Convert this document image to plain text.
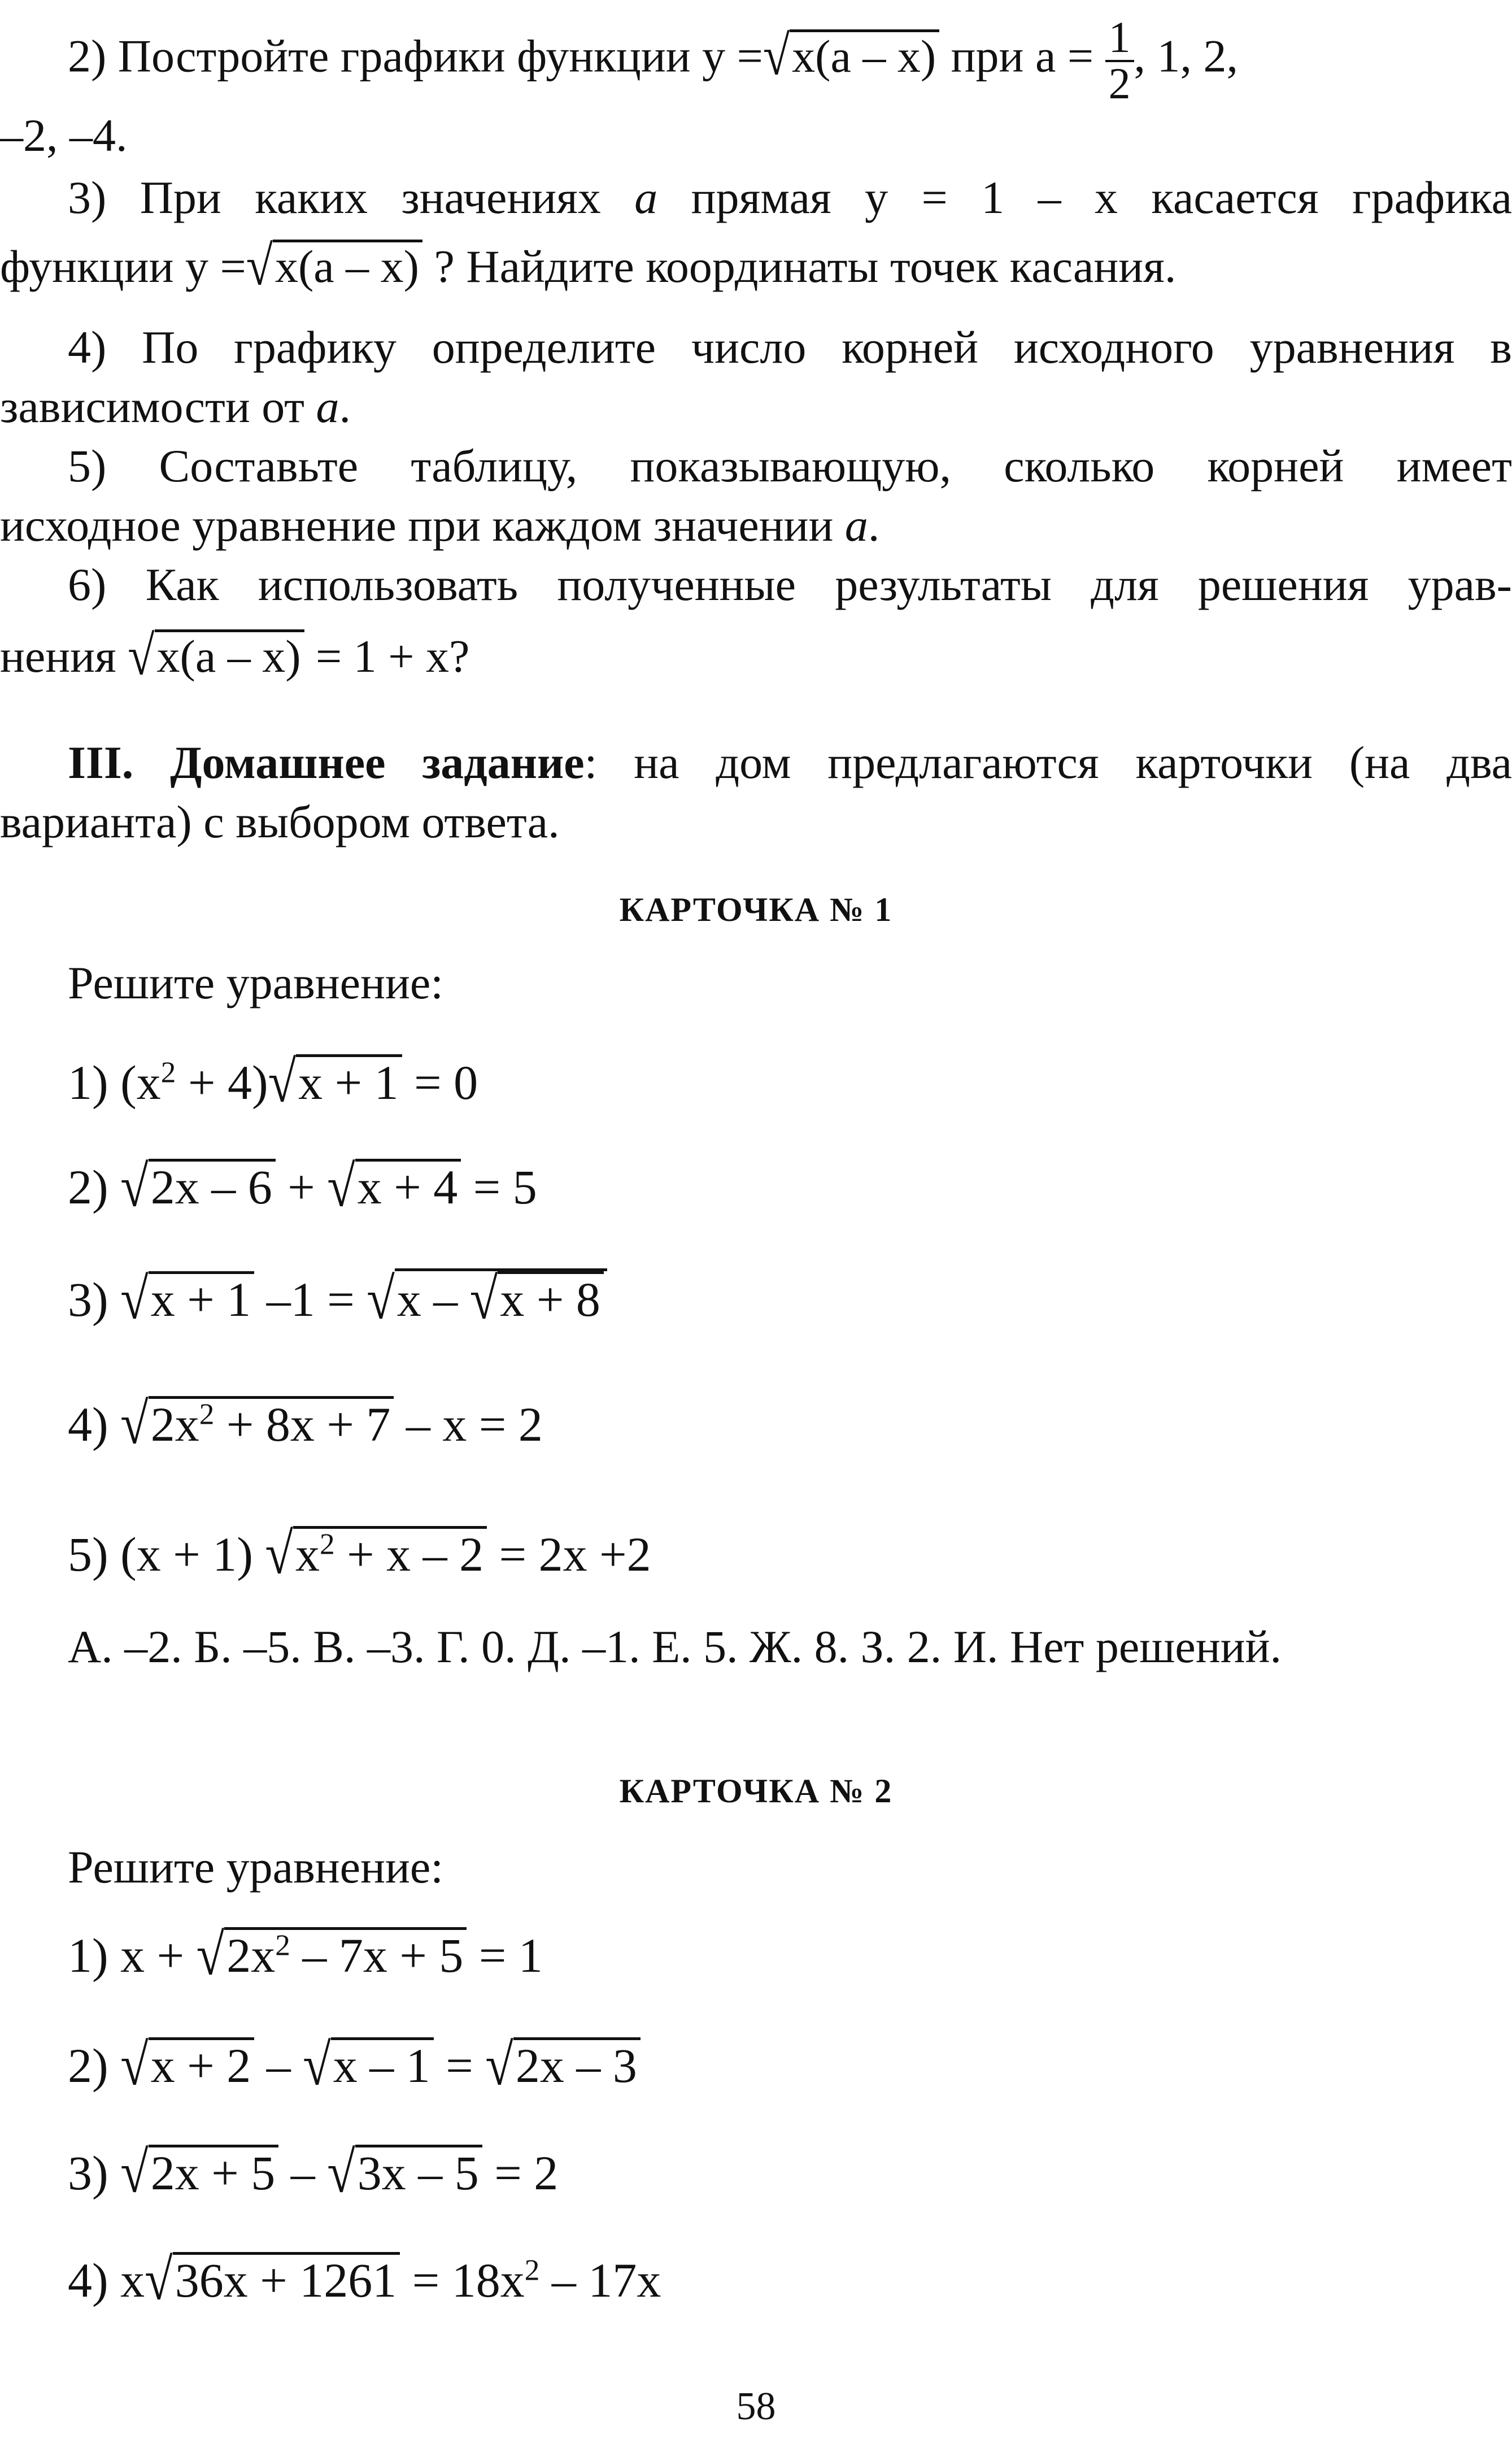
2) Постройте графики функции у =√х(а – х) при $а = \frac{1}{2}$ , 1, 2,
–2, –4.
3) При каких значениях a прямая у = 1 – х касается графика
функции у =√х(а – х) ? Найдите координаты точек касания.
4) По графику определите число корней исходного уравнения в
зависимости от a.
5) Составьте таблицу, показывающую, сколько корней имеет
исходное уравнение при каждом значении a.
6) Как использовать полученные результаты для решения урав-
нения √х(а – х) = 1 + х?
III. Домашнее задание: на дом предлагаются карточки (на два
варианта) с выбором ответа.
КАРТОЧКА № 1
Решите уравнение:
1) $(х^2 + 4)√х + 1 = 0$
2) √2х – 6 + √х + 4 = 5
3) √х + 1 –1 = √х – √х + 8
4) $√2х^2 + 8х + 7 - х = 2$
5) (х + 1) $√х^2 + х - 2 = 2х +2$
А. –2. Б. –5. В. –3. Г. 0. Д. –1. Е. 5. Ж. 8. З. 2. И. Нет решений.
КАРТОЧКА № 2
Решите уравнение:
1) $х + √2х^2 - 7х + 5 = 1$
2) √х + 2 – √х – 1 = √2х – 3
3) √2х + 5 – √3х – 5 = 2
4) $х√36х + 1261 = 18х^2 - 17х$
58
